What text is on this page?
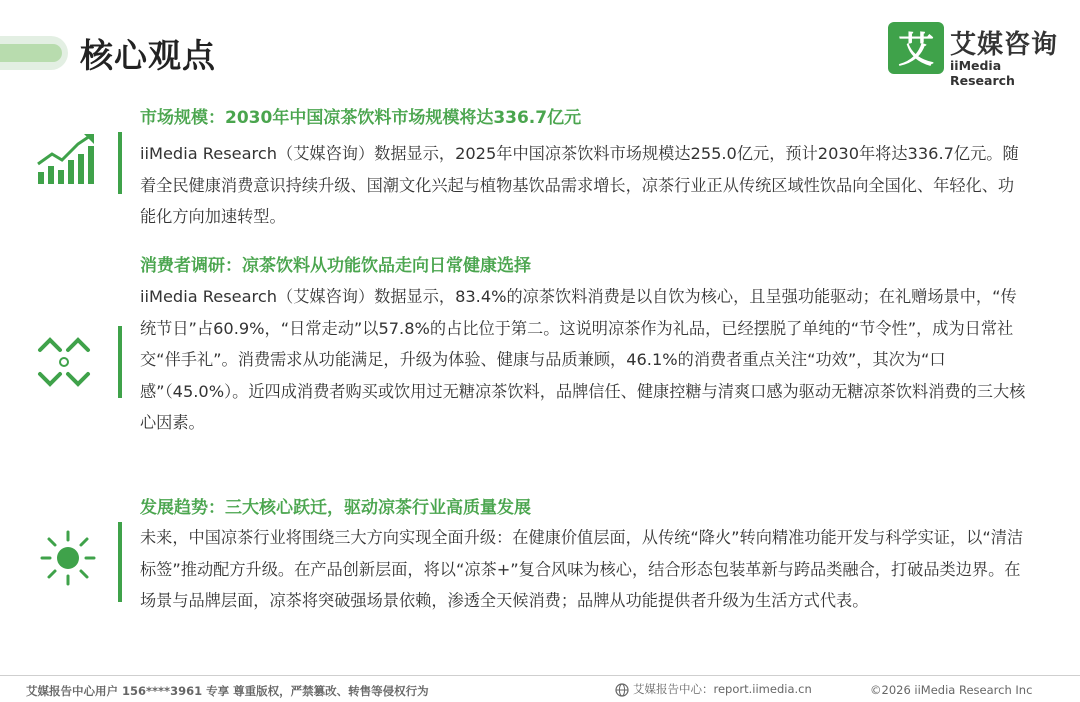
核心观点	艾 艾媒咨询
iiMedia Research
市场规模：2030年中国凉茶饮料市场规模将达336.7亿元
iiMedia Research（艾媒咨询）数据显示，2025年中国凉茶饮料市场规模达255.0亿元，预计2030年将达336.7亿元。随着全民健康消费意识持续升级、国潮文化兴起与植物基饮品需求增长，凉茶行业正从传统区域性饮品向全国化、年轻化、功能化方向加速转型。
消费者调研：凉茶饮料从功能饮品走向日常健康选择
iiMedia Research（艾媒咨询）数据显示，83.4%的凉茶饮料消费是以自饮为核心，且呈强功能驱动；在礼赠场景中，“传统节日”占60.9%，“日常走动”以57.8%的占比位于第二。这说明凉茶作为礼品，已经摆脱了单纯的“节令性”，成为日常社交“伴手礼”。消费需求从功能满足，升级为体验、健康与品质兼顾，46.1%的消费者重点关注“功效”，其次为“口感”（45.0%）。近四成消费者购买或饮用过无糖凉茶饮料，品牌信任、健康控糖与清爽口感为驱动无糖凉茶饮料消费的三大核心因素。
发展趋势：三大核心跃迁，驱动凉茶行业高质量发展
未来，中国凉茶行业将围绕三大方向实现全面升级：在健康价值层面，从传统“降火”转向精准功能开发与科学实证，以“清洁标签”推动配方升级。在产品创新层面，将以“凉茶+”复合风味为核心，结合形态包装革新与跨品类融合，打破品类边界。在场景与品牌层面，凉茶将突破强场景依赖，渗透全天候消费；品牌从功能提供者升级为生活方式代表。
艾媒报告中心用户 156****3961 专享 尊重版权，严禁篡改、转售等侵权行为	艾媒报告中心：report.iimedia.cn	©2026 iiMedia Research Inc
